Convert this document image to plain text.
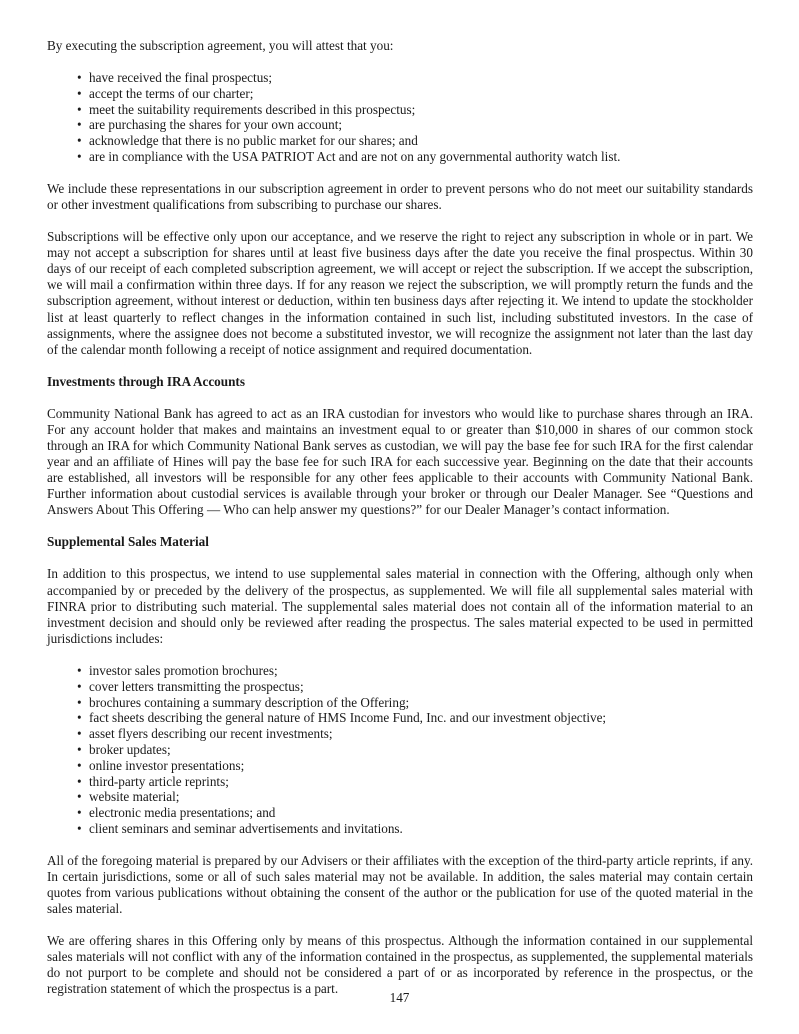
By executing the subscription agreement, you will attest that you:

• have received the final prospectus;
• accept the terms of our charter;
• meet the suitability requirements described in this prospectus;
• are purchasing the shares for your own account;
• acknowledge that there is no public market for our shares; and
• are in compliance with the USA PATRIOT Act and are not on any governmental authority watch list.

We include these representations in our subscription agreement in order to prevent persons who do not meet our suitability standards or other investment qualifications from subscribing to purchase our shares.

Subscriptions will be effective only upon our acceptance, and we reserve the right to reject any subscription in whole or in part. We may not accept a subscription for shares until at least five business days after the date you receive the final prospectus. Within 30 days of our receipt of each completed subscription agreement, we will accept or reject the subscription. If we accept the subscription, we will mail a confirmation within three days. If for any reason we reject the subscription, we will promptly return the funds and the subscription agreement, without interest or deduction, within ten business days after rejecting it. We intend to update the stockholder list at least quarterly to reflect changes in the information contained in such list, including substituted investors. In the case of assignments, where the assignee does not become a substituted investor, we will recognize the assignment not later than the last day of the calendar month following a receipt of notice assignment and required documentation.

Investments through IRA Accounts

Community National Bank has agreed to act as an IRA custodian for investors who would like to purchase shares through an IRA. For any account holder that makes and maintains an investment equal to or greater than $10,000 in shares of our common stock through an IRA for which Community National Bank serves as custodian, we will pay the base fee for such IRA for the first calendar year and an affiliate of Hines will pay the base fee for such IRA for each successive year. Beginning on the date that their accounts are established, all investors will be responsible for any other fees applicable to their accounts with Community National Bank. Further information about custodial services is available through your broker or through our Dealer Manager. See “Questions and Answers About This Offering — Who can help answer my questions?” for our Dealer Manager’s contact information.

Supplemental Sales Material

In addition to this prospectus, we intend to use supplemental sales material in connection with the Offering, although only when accompanied by or preceded by the delivery of the prospectus, as supplemented. We will file all supplemental sales material with FINRA prior to distributing such material. The supplemental sales material does not contain all of the information material to an investment decision and should only be reviewed after reading the prospectus. The sales material expected to be used in permitted jurisdictions includes:

• investor sales promotion brochures;
• cover letters transmitting the prospectus;
• brochures containing a summary description of the Offering;
• fact sheets describing the general nature of HMS Income Fund, Inc. and our investment objective;
• asset flyers describing our recent investments;
• broker updates;
• online investor presentations;
• third-party article reprints;
• website material;
• electronic media presentations; and
• client seminars and seminar advertisements and invitations.

All of the foregoing material is prepared by our Advisers or their affiliates with the exception of the third-party article reprints, if any. In certain jurisdictions, some or all of such sales material may not be available. In addition, the sales material may contain certain quotes from various publications without obtaining the consent of the author or the publication for use of the quoted material in the sales material.

We are offering shares in this Offering only by means of this prospectus. Although the information contained in our supplemental sales materials will not conflict with any of the information contained in the prospectus, as supplemented, the supplemental materials do not purport to be complete and should not be considered a part of or as incorporated by reference in the prospectus, or the registration statement of which the prospectus is a part.

147
